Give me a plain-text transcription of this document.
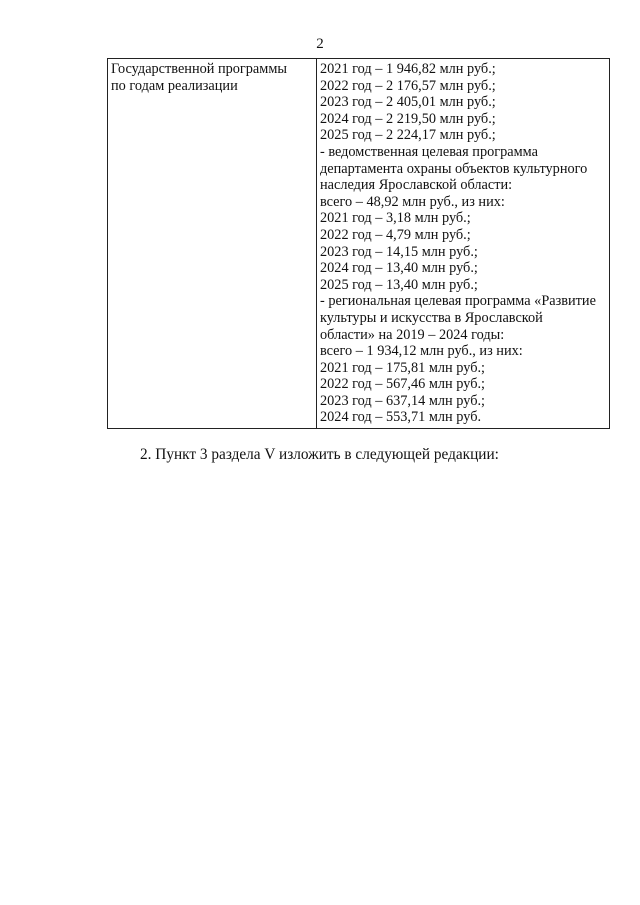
2
Государственной программы
по годам реализации
2021 год – 1 946,82 млн руб.;
2022 год – 2 176,57 млн руб.;
2023 год – 2 405,01 млн руб.;
2024 год – 2 219,50 млн руб.;
2025 год – 2 224,17 млн руб.;
- ведомственная целевая программа
департамента охраны объектов культурного
наследия Ярославской области:
всего – 48,92 млн руб., из них:
2021 год – 3,18 млн руб.;
2022 год – 4,79 млн руб.;
2023 год – 14,15 млн руб.;
2024 год – 13,40 млн руб.;
2025 год – 13,40 млн руб.;
- региональная целевая программа «Развитие
культуры и искусства в Ярославской
области» на 2019 – 2024 годы:
всего – 1 934,12 млн руб., из них:
2021 год – 175,81 млн руб.;
2022 год – 567,46 млн руб.;
2023 год – 637,14 млн руб.;
2024 год – 553,71 млн руб.
2. Пункт 3 раздела V изложить в следующей редакции:
